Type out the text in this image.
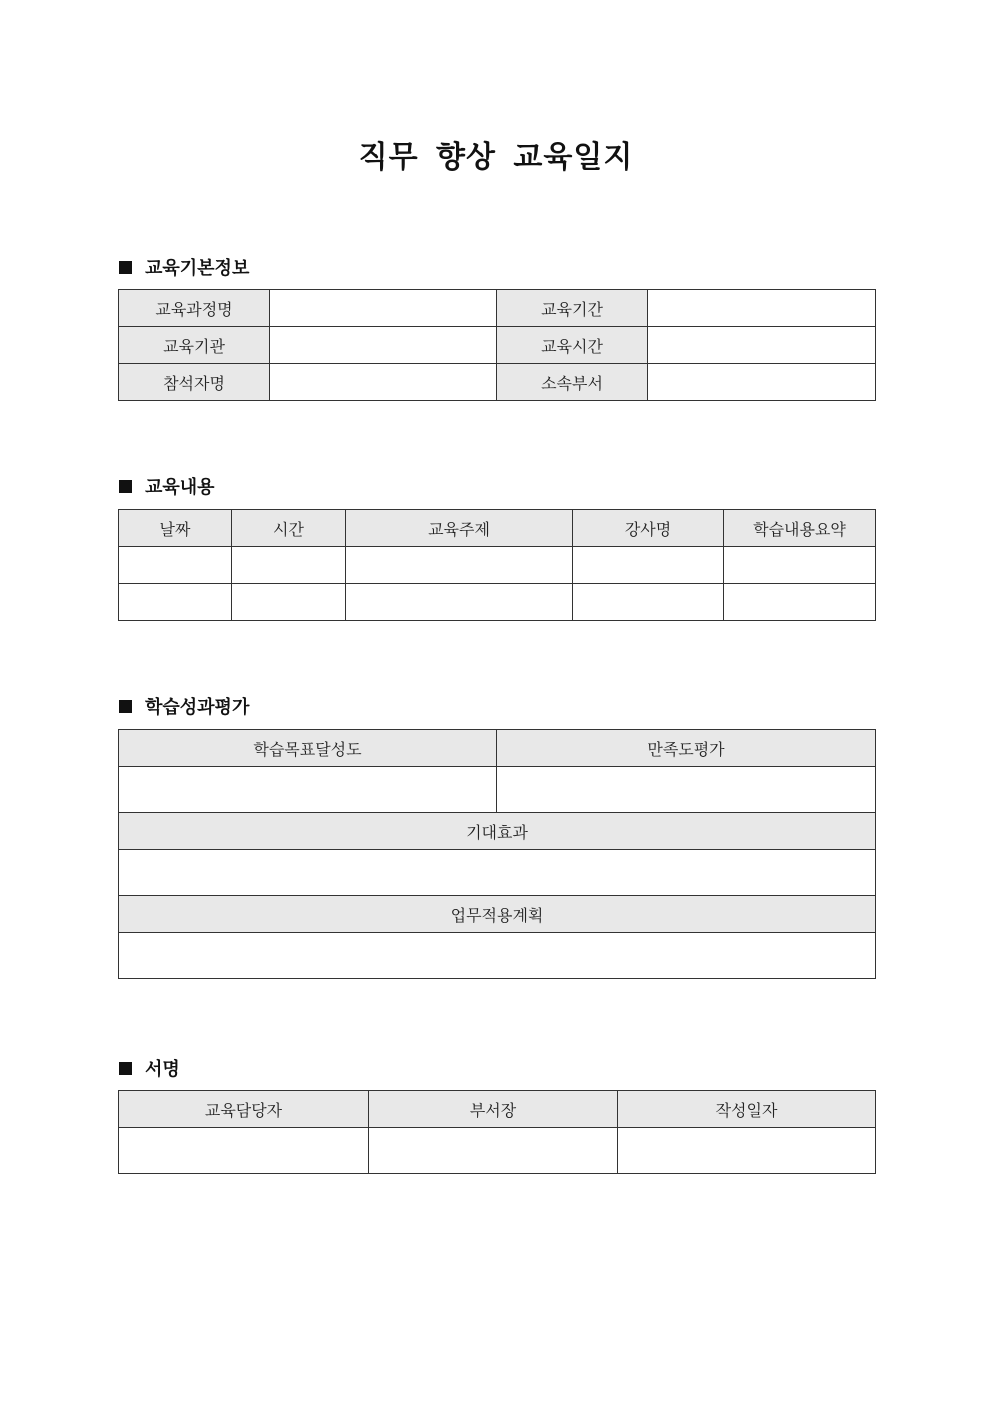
직무 향상 교육일지
교육기본정보
교육과정명		교육기간	
교육기관		교육시간	
참석자명		소속부서	
교육내용
날짜	시간	교육주제	강사명	학습내용요약

학습성과평가
학습목표달성도	만족도평가

기대효과	

업무적용계획	

서명
교육담당자	부서장	작성일자
